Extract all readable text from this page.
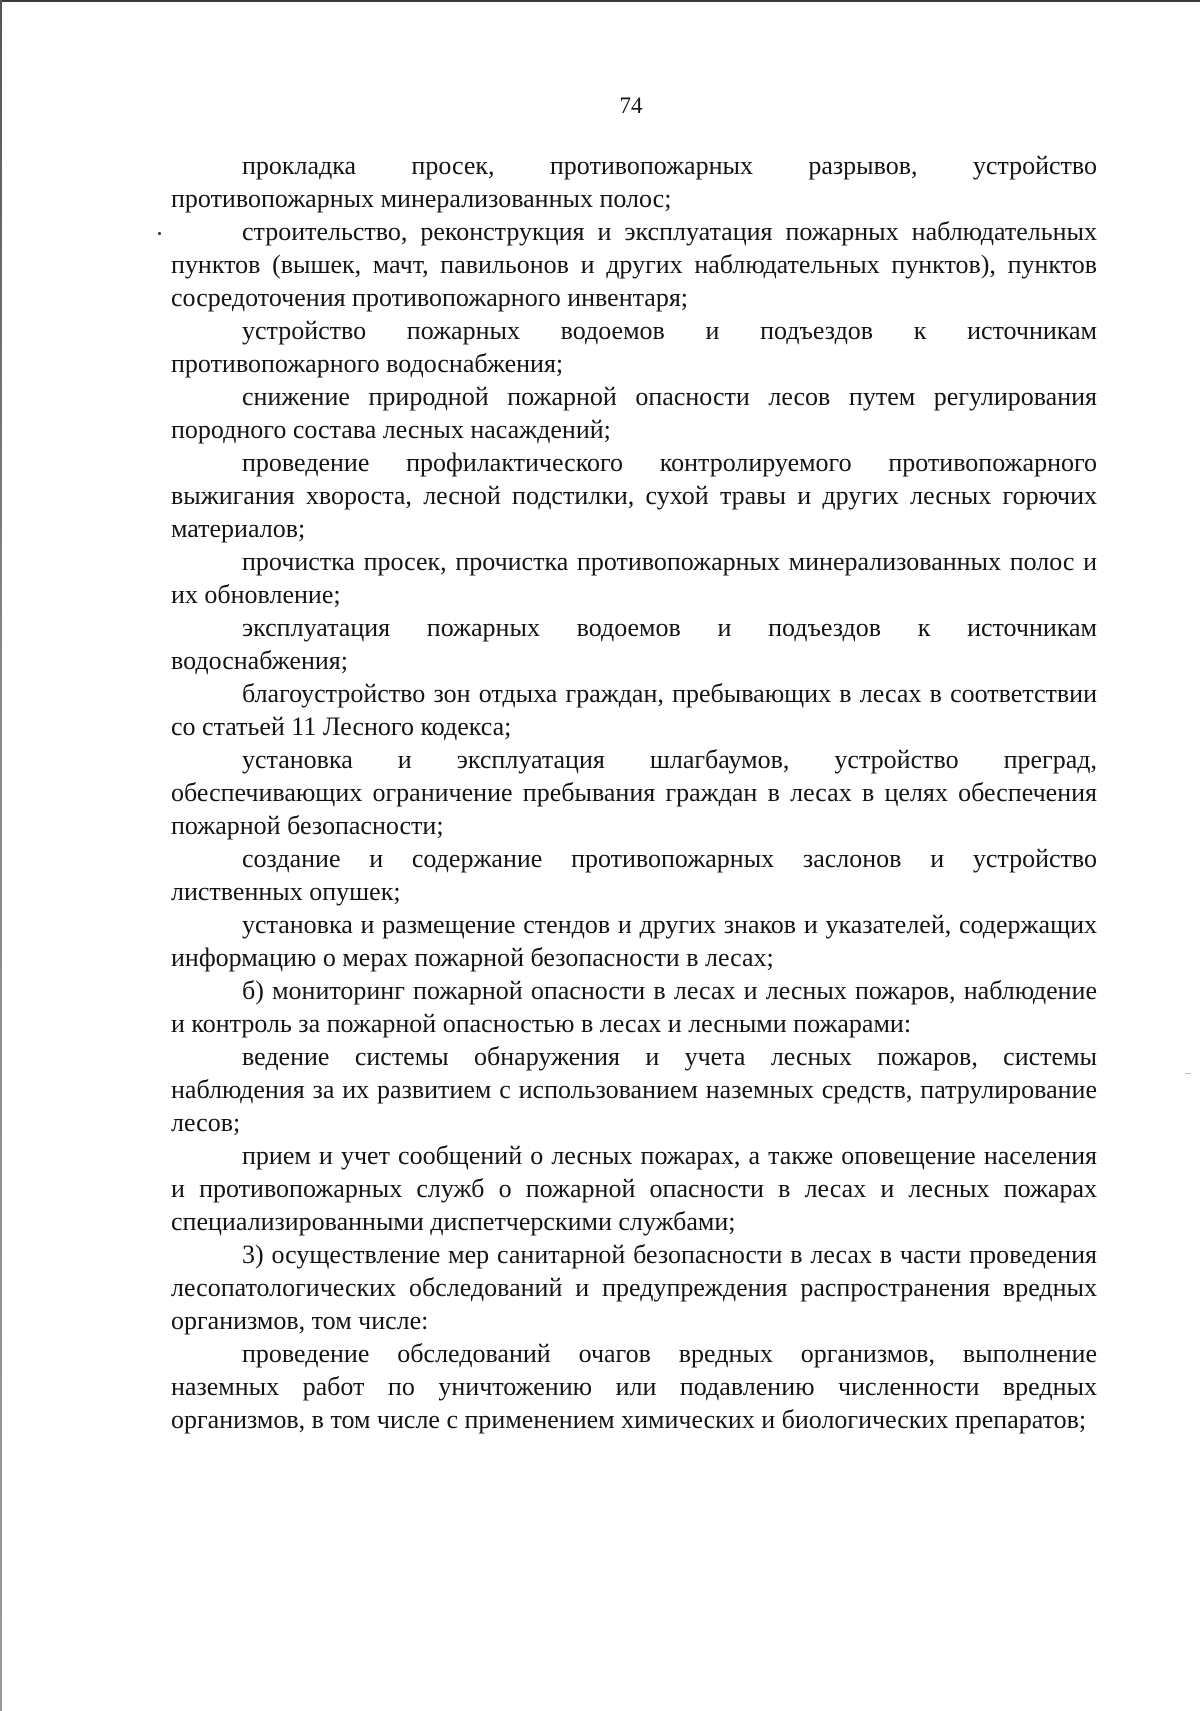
74

прокладка просек, противопожарных разрывов, устройство противопожарных минерализованных полос;

строительство, реконструкция и эксплуатация пожарных наблюдательных пунктов (вышек, мачт, павильонов и других наблюдательных пунктов), пунктов сосредоточения противопожарного инвентаря;

устройство пожарных водоемов и подъездов к источникам противопожарного водоснабжения;

снижение природной пожарной опасности лесов путем регулирования породного состава лесных насаждений;

проведение профилактического контролируемого противопожарного выжигания хвороста, лесной подстилки, сухой травы и других лесных горючих материалов;

прочистка просек, прочистка противопожарных минерализованных полос и их обновление;

эксплуатация пожарных водоемов и подъездов к источникам водоснабжения;

благоустройство зон отдыха граждан, пребывающих в лесах в соответствии со статьей 11 Лесного кодекса;

установка и эксплуатация шлагбаумов, устройство преград, обеспечивающих ограничение пребывания граждан в лесах в целях обеспечения пожарной безопасности;

создание и содержание противопожарных заслонов и устройство лиственных опушек;

установка и размещение стендов и других знаков и указателей, содержащих информацию о мерах пожарной безопасности в лесах;

б) мониторинг пожарной опасности в лесах и лесных пожаров, наблюдение и контроль за пожарной опасностью в лесах и лесными пожарами:

ведение системы обнаружения и учета лесных пожаров, системы наблюдения за их развитием с использованием наземных средств, патрулирование лесов;

прием и учет сообщений о лесных пожарах, а также оповещение населения и противопожарных служб о пожарной опасности в лесах и лесных пожарах специализированными диспетчерскими службами;

3) осуществление мер санитарной безопасности в лесах в части проведения лесопатологических обследований и предупреждения распространения вредных организмов, том числе:

проведение обследований очагов вредных организмов, выполнение наземных работ по уничтожению или подавлению численности вредных организмов, в том числе с применением химических и биологических препаратов;
